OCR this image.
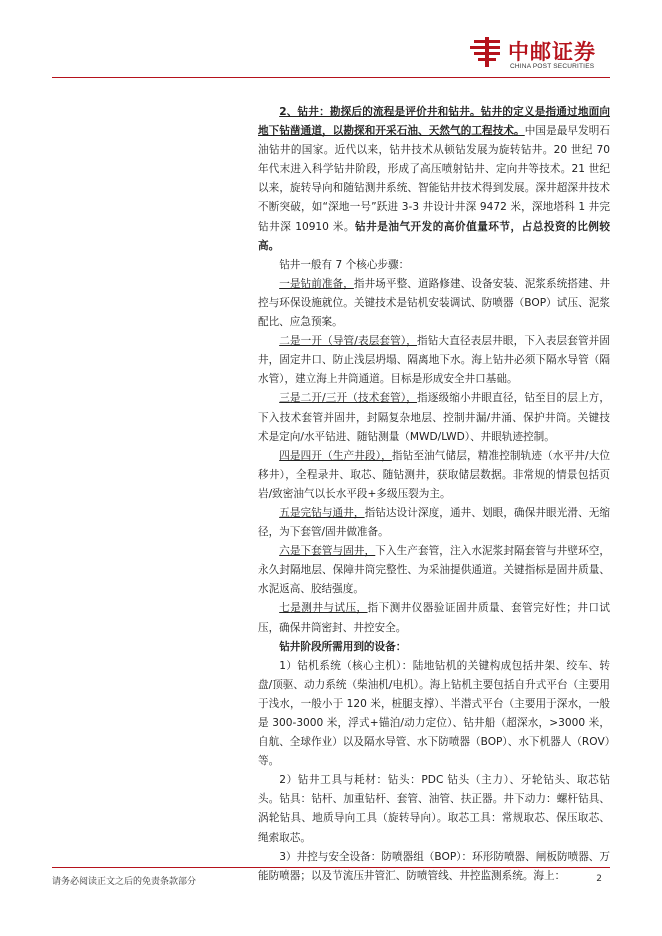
中邮证券
CHINA POST SECURITIES

2、钻井：勘探后的流程是评价井和钻井。钻井的定义是指通过地面向地下钻凿通道，以勘探和开采石油、天然气的工程技术。中国是最早发明石油钻井的国家。近代以来，钻井技术从顿钻发展为旋转钻井。20 世纪 70 年代末进入科学钻井阶段，形成了高压喷射钻井、定向井等技术。21 世纪以来，旋转导向和随钻测井系统、智能钻井技术得到发展。深井超深井技术不断突破，如“深地一号”跃进 3-3 井设计井深 9472 米，深地塔科 1 井完钻井深 10910 米。钻井是油气开发的高价值量环节，占总投资的比例较高。

钻井一般有 7 个核心步骤：

一是钻前准备，指井场平整、道路修建、设备安装、泥浆系统搭建、井控与环保设施就位。关键技术是钻机安装调试、防喷器（BOP）试压、泥浆配比、应急预案。

二是一开（导管/表层套管），指钻大直径表层井眼，下入表层套管并固井，固定井口、防止浅层坍塌、隔离地下水。海上钻井必须下隔水导管（隔水管），建立海上井筒通道。目标是形成安全井口基础。

三是二开/三开（技术套管），指逐级缩小井眼直径，钻至目的层上方，下入技术套管并固井，封隔复杂地层、控制井漏/井涌、保护井筒。关键技术是定向/水平钻进、随钻测量（MWD/LWD）、井眼轨迹控制。

四是四开（生产井段），指钻至油气储层，精准控制轨迹（水平井/大位移井），全程录井、取芯、随钻测井，获取储层数据。非常规的情景包括页岩/致密油气以长水平段+多级压裂为主。

五是完钻与通井，指钻达设计深度，通井、划眼，确保井眼光滑、无缩径，为下套管/固井做准备。

六是下套管与固井，下入生产套管，注入水泥浆封隔套管与井壁环空，永久封隔地层、保障井筒完整性、为采油提供通道。关键指标是固井质量、水泥返高、胶结强度。

七是测井与试压，指下测井仪器验证固井质量、套管完好性；井口试压，确保井筒密封、井控安全。

钻井阶段所需用到的设备：

1）钻机系统（核心主机）：陆地钻机的关键构成包括井架、绞车、转盘/顶驱、动力系统（柴油机/电机）。海上钻机主要包括自升式平台（主要用于浅水，一般小于 120 米，桩腿支撑）、半潜式平台（主要用于深水，一般是 300-3000 米，浮式+锚泊/动力定位）、钻井船（超深水，>3000 米，自航、全球作业）以及隔水导管、水下防喷器（BOP）、水下机器人（ROV）等。

2）钻井工具与耗材：钻头：PDC 钻头（主力）、牙轮钻头、取芯钻头。钻具：钻杆、加重钻杆、套管、油管、扶正器。井下动力：螺杆钻具、涡轮钻具、地质导向工具（旋转导向）。取芯工具：常规取芯、保压取芯、绳索取芯。

3）井控与安全设备：防喷器组（BOP）：环形防喷器、闸板防喷器、万能防喷器；以及节流压井管汇、防喷管线、井控监测系统。海上：

请务必阅读正文之后的免责条款部分	2
